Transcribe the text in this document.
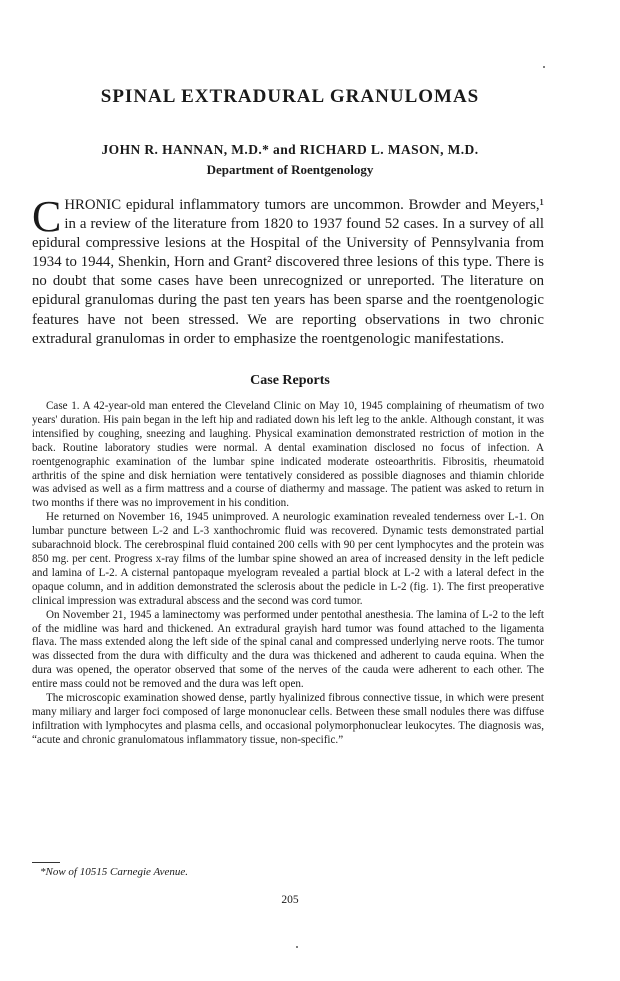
SPINAL EXTRADURAL GRANULOMAS

JOHN R. HANNAN, M.D.* and RICHARD L. MASON, M.D.

Department of Roentgenology

CHRONIC epidural inflammatory tumors are uncommon. Browder and Meyers,¹ in a review of the literature from 1820 to 1937 found 52 cases. In a survey of all epidural compressive lesions at the Hospital of the University of Pennsylvania from 1934 to 1944, Shenkin, Horn and Grant² discovered three lesions of this type. There is no doubt that some cases have been unrecognized or unreported. The literature on epidural granulomas during the past ten years has been sparse and the roentgenologic features have not been stressed. We are reporting observations in two chronic extradural granulomas in order to emphasize the roentgenologic manifestations.

Case Reports

Case 1. A 42-year-old man entered the Cleveland Clinic on May 10, 1945 complaining of rheumatism of two years' duration. His pain began in the left hip and radiated down his left leg to the ankle. Although constant, it was intensified by coughing, sneezing and laughing. Physical examination demonstrated restriction of motion in the back. Routine laboratory studies were normal. A dental examination disclosed no focus of infection. A roentgenographic examination of the lumbar spine indicated moderate osteoarthritis. Fibrositis, rheumatoid arthritis of the spine and disk herniation were tentatively considered as possible diagnoses and thiamin chloride was advised as well as a firm mattress and a course of diathermy and massage. The patient was asked to return in two months if there was no improvement in his condition.

He returned on November 16, 1945 unimproved. A neurologic examination revealed tenderness over L-1. On lumbar puncture between L-2 and L-3 xanthochromic fluid was recovered. Dynamic tests demonstrated partial subarachnoid block. The cerebrospinal fluid contained 200 cells with 90 per cent lymphocytes and the protein was 850 mg. per cent. Progress x-ray films of the lumbar spine showed an area of increased density in the left pedicle and lamina of L-2. A cisternal pantopaque myelogram revealed a partial block at L-2 with a lateral defect in the opaque column, and in addition demonstrated the sclerosis about the pedicle in L-2 (fig. 1). The first preoperative clinical impression was extradural abscess and the second was cord tumor.

On November 21, 1945 a laminectomy was performed under pentothal anesthesia. The lamina of L-2 to the left of the midline was hard and thickened. An extradural grayish hard tumor was found attached to the ligamenta flava. The mass extended along the left side of the spinal canal and compressed underlying nerve roots. The tumor was dissected from the dura with difficulty and the dura was thickened and adherent to cauda equina. When the dura was opened, the operator observed that some of the nerves of the cauda were adherent to each other. The entire mass could not be removed and the dura was left open.

The microscopic examination showed dense, partly hyalinized fibrous connective tissue, in which were present many miliary and larger foci composed of large mononuclear cells. Between these small nodules there was diffuse infiltration with lymphocytes and plasma cells, and occasional polymorphonuclear leukocytes. The diagnosis was, “acute and chronic granulomatous inflammatory tissue, non-specific.”

*Now of 10515 Carnegie Avenue.

205
